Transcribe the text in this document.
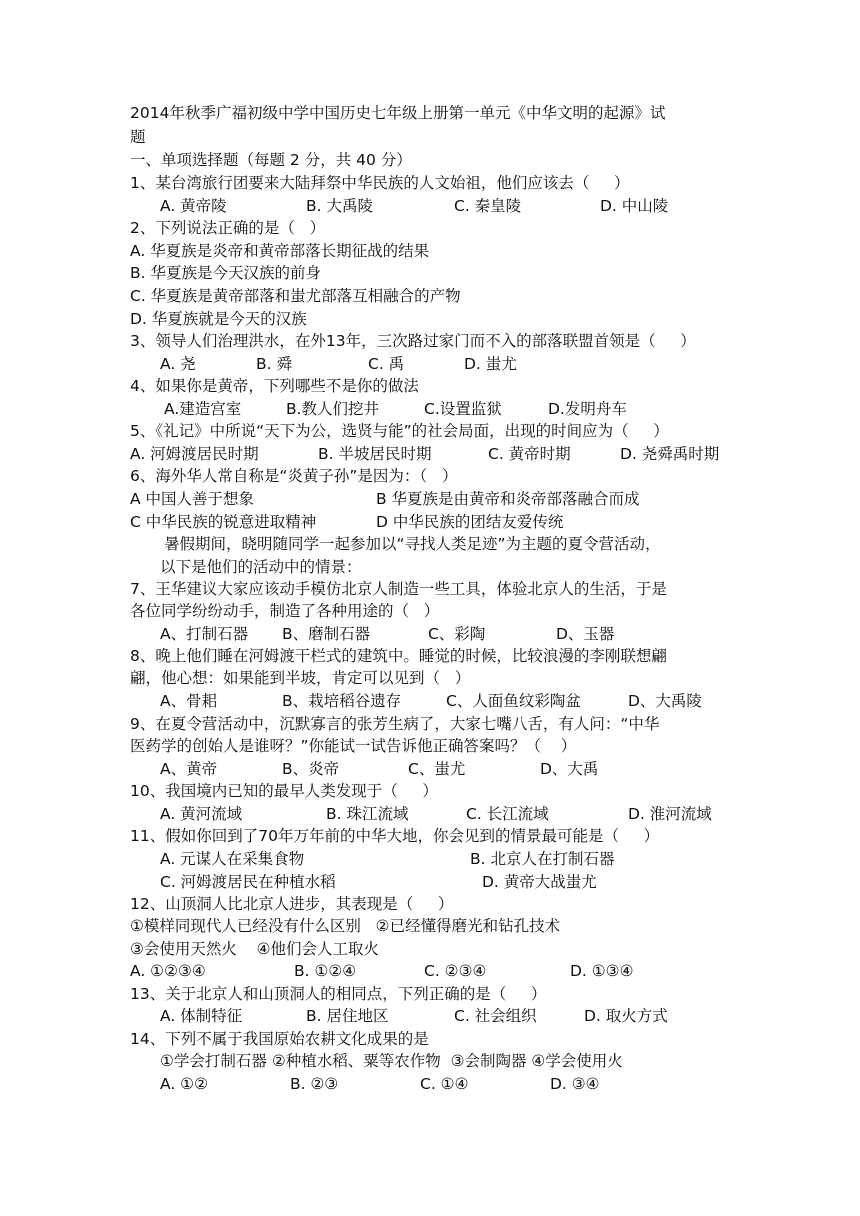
2014年秋季广福初级中学中国历史七年级上册第一单元《中华文明的起源》试
题
一、单项选择题（每题 2 分，共 40 分）
1、某台湾旅行团要来大陆拜祭中华民族的人文始祖，他们应该去（     ）
A. 黄帝陵	B. 大禹陵	C. 秦皇陵	D. 中山陵
2、下列说法正确的是（   ）
A. 华夏族是炎帝和黄帝部落长期征战的结果
B. 华夏族是今天汉族的前身
C. 华夏族是黄帝部落和蚩尤部落互相融合的产物
D. 华夏族就是今天的汉族
3、领导人们治理洪水，在外13年，三次路过家门而不入的部落联盟首领是（     ）
A. 尧	B. 舜	C. 禹	D. 蚩尤
4、如果你是黄帝，下列哪些不是你的做法
A.建造宫室	B.教人们挖井	C.设置监狱	D.发明舟车
5、《礼记》中所说“天下为公，选贤与能”的社会局面，出现的时间应为（     ）
A. 河姆渡居民时期	B. 半坡居民时期	C. 黄帝时期	D. 尧舜禹时期
6、海外华人常自称是“炎黄子孙”是因为：（   ）
A 中国人善于想象	B 华夏族是由黄帝和炎帝部落融合而成
C 中华民族的锐意进取精神	D 中华民族的团结友爱传统
暑假期间，晓明随同学一起参加以“寻找人类足迹”为主题的夏令营活动，
以下是他们的活动中的情景：
7、王华建议大家应该动手模仿北京人制造一些工具，体验北京人的生活，于是
各位同学纷纷动手，制造了各种用途的（   ）
A、打制石器 B、磨制石器	C、彩陶	D、玉器
8、晚上他们睡在河姆渡干栏式的建筑中。睡觉的时候，比较浪漫的李刚联想翩
翩，他心想：如果能到半坡，肯定可以见到（   ）
A、骨耜	B、栽培稻谷遗存	C、人面鱼纹彩陶盆	D、大禹陵
9、在夏令营活动中，沉默寡言的张芳生病了，大家七嘴八舌，有人问：“中华
医药学的创始人是谁呀？”你能试一试告诉他正确答案吗？（    ）
A、黄帝	B、炎帝	C、蚩尤	D、大禹
10、我国境内已知的最早人类发现于（     ）
A. 黄河流域	B. 珠江流域	C. 长江流域	D. 淮河流域
11、假如你回到了70年万年前的中华大地，你会见到的情景最可能是（     ）
A. 元谋人在采集食物	B. 北京人在打制石器
C. 河姆渡居民在种植水稻	D. 黄帝大战蚩尤
12、山顶洞人比北京人进步，其表现是（     ）
①模样同现代人已经没有什么区别   ②已经懂得磨光和钻孔技术
③会使用天然火    ④他们会人工取火
A. ①②③④	B. ①②④	C. ②③④	D. ①③④
13、关于北京人和山顶洞人的相同点，下列正确的是（     ）
A. 体制特征	B. 居住地区	C. 社会组织	D. 取火方式
14、下列不属于我国原始农耕文化成果的是
①学会打制石器 ②种植水稻、粟等农作物  ③会制陶器 ④学会使用火
A. ①②	B. ②③	C. ①④	D. ③④
